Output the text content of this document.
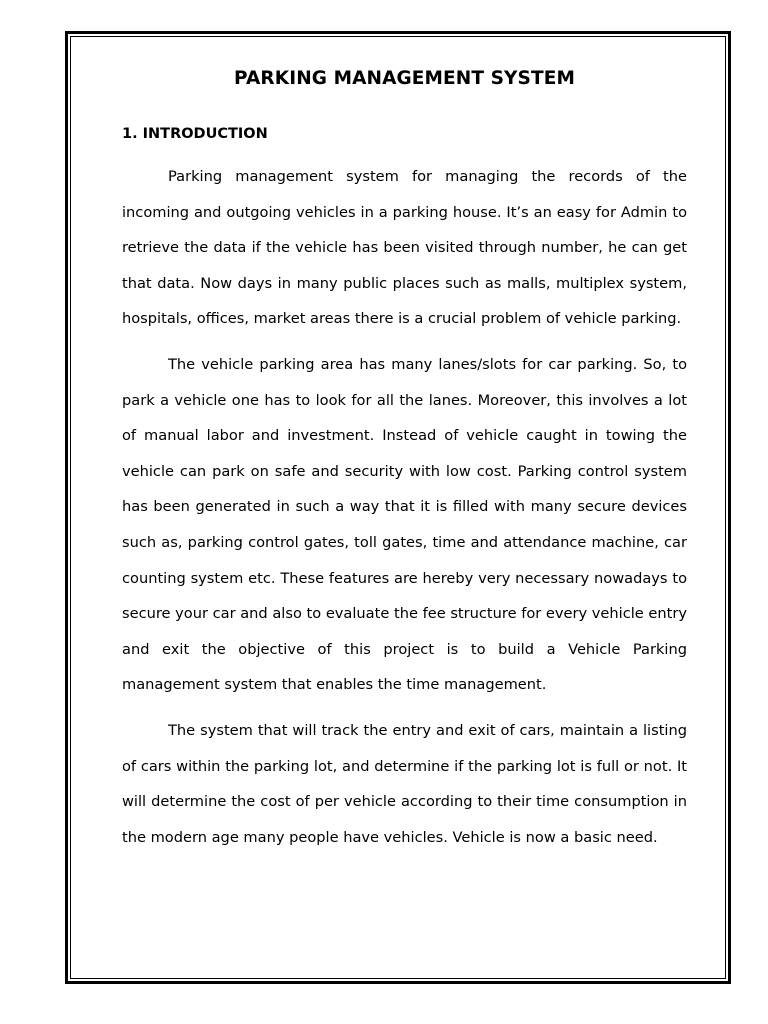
PARKING MANAGEMENT SYSTEM
1. INTRODUCTION

Parking management system for managing the records of the incoming and outgoing vehicles in a parking house. It’s an easy for Admin to retrieve the data if the vehicle has been visited through number, he can get that data. Now days in many public places such as malls, multiplex system, hospitals, offices, market areas there is a crucial problem of vehicle parking.

The vehicle parking area has many lanes/slots for car parking. So, to park a vehicle one has to look for all the lanes. Moreover, this involves a lot of manual labor and investment. Instead of vehicle caught in towing the vehicle can park on safe and security with low cost. Parking control system has been generated in such a way that it is filled with many secure devices such as, parking control gates, toll gates, time and attendance machine, car counting system etc. These features are hereby very necessary nowadays to secure your car and also to evaluate the fee structure for every vehicle entry and exit the objective of this project is to build a Vehicle Parking management system that enables the time management.

The system that will track the entry and exit of cars, maintain a listing of cars within the parking lot, and determine if the parking lot is full or not. It will determine the cost of per vehicle according to their time consumption in the modern age many people have vehicles. Vehicle is now a basic need.
